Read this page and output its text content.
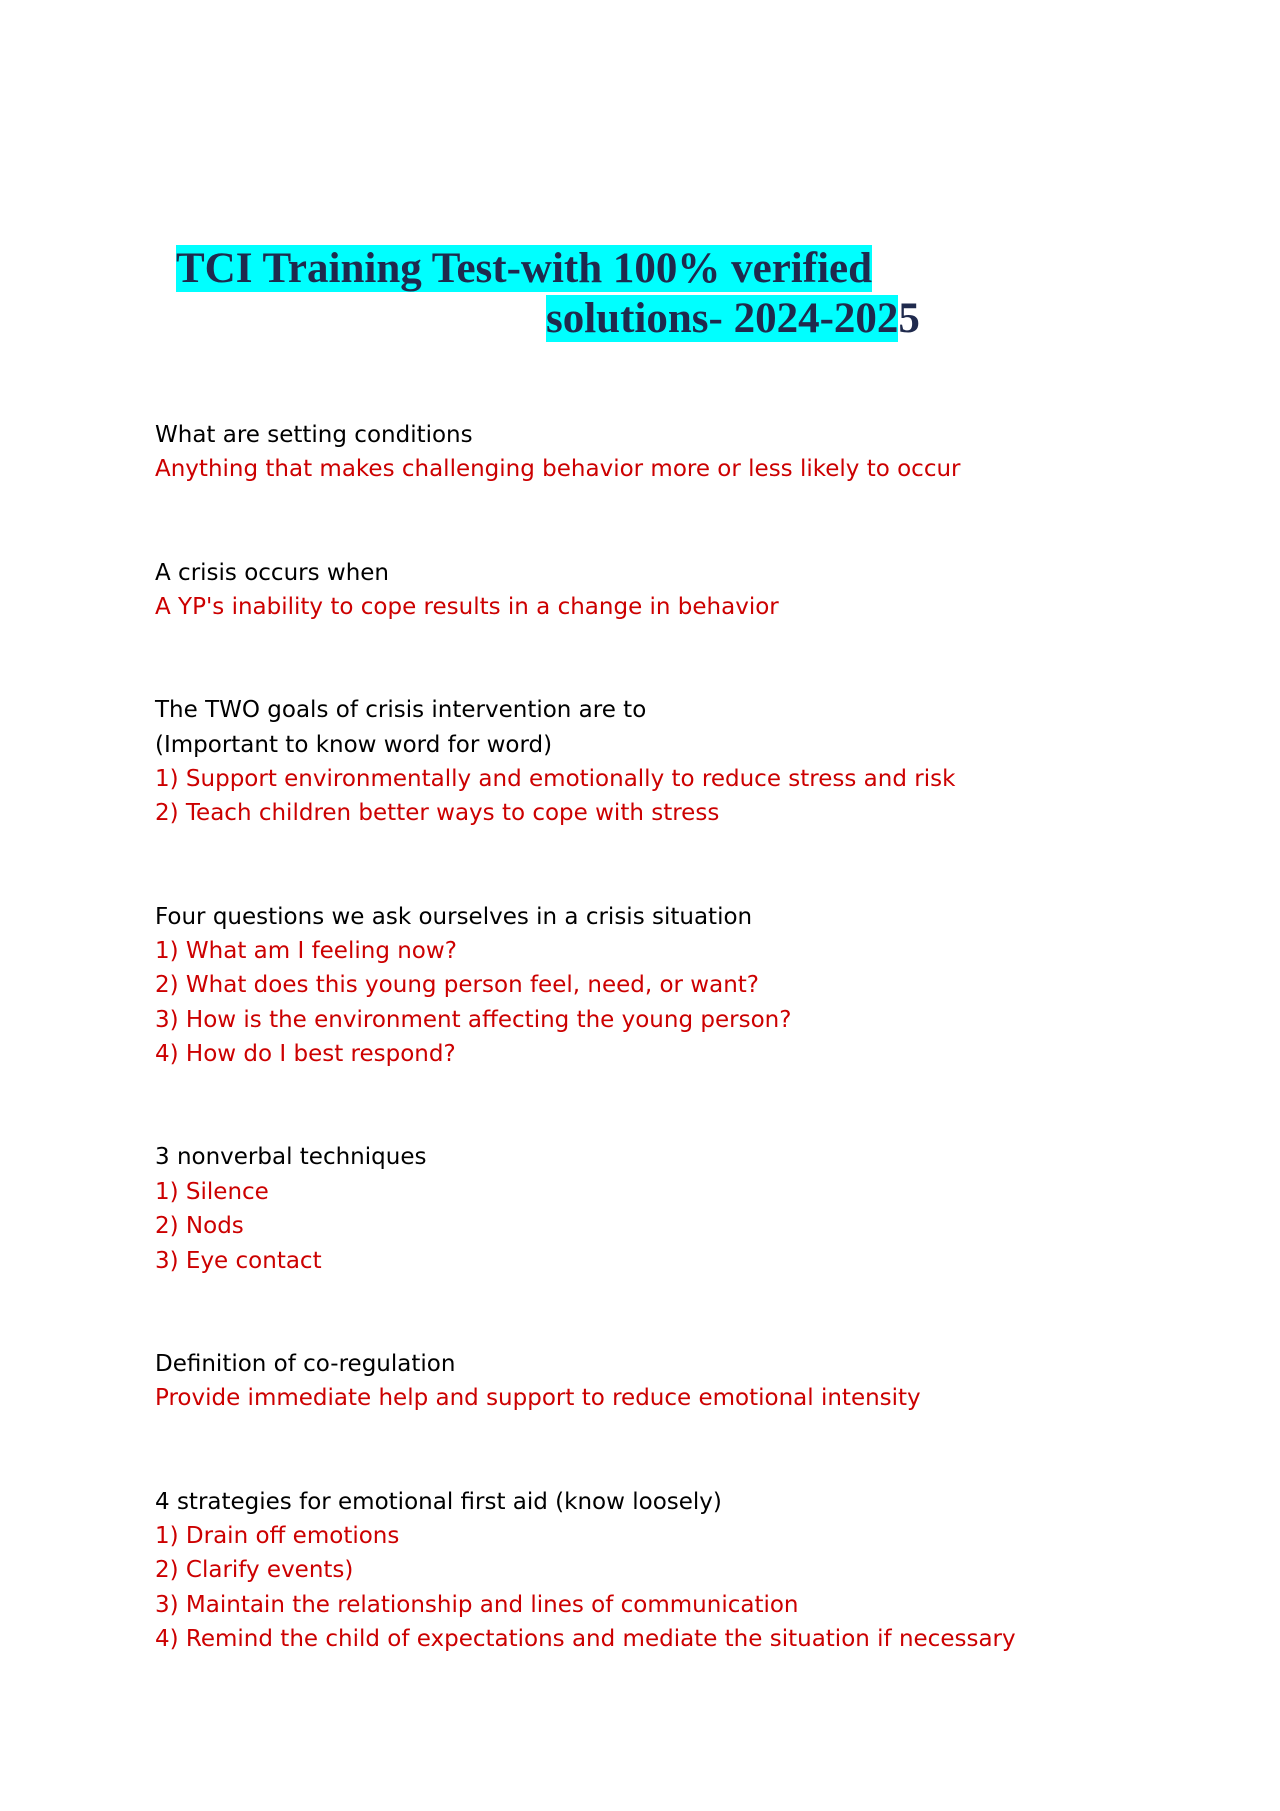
TCI Training Test-with 100% verified
solutions- 2024-2025
What are setting conditions
Anything that makes challenging behavior more or less likely to occur
A crisis occurs when
A YP's inability to cope results in a change in behavior
The TWO goals of crisis intervention are to
(Important to know word for word)
1) Support environmentally and emotionally to reduce stress and risk
2) Teach children better ways to cope with stress
Four questions we ask ourselves in a crisis situation
1) What am I feeling now?
2) What does this young person feel, need, or want?
3) How is the environment affecting the young person?
4) How do I best respond?
3 nonverbal techniques
1) Silence
2) Nods
3) Eye contact
Definition of co-regulation
Provide immediate help and support to reduce emotional intensity
4 strategies for emotional first aid (know loosely)
1) Drain off emotions
2) Clarify events)
3) Maintain the relationship and lines of communication
4) Remind the child of expectations and mediate the situation if necessary
